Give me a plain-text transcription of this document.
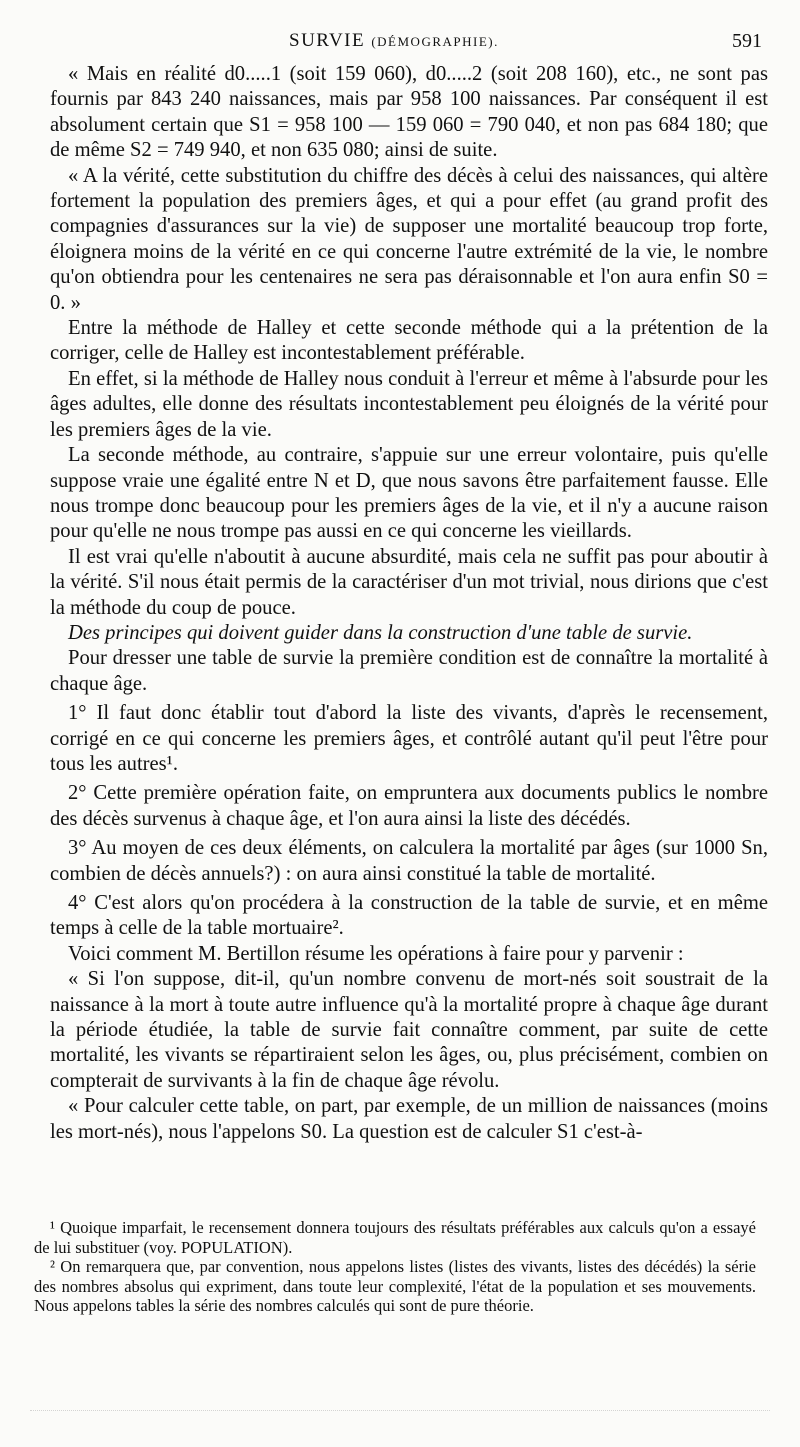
SURVIE (DÉMOGRAPHIE).	591

« Mais en réalité d0.....1 (soit 159 060), d0.....2 (soit 208 160), etc., ne sont pas fournis par 843 240 naissances, mais par 958 100 naissances. Par conséquent il est absolument certain que S1 = 958 100 — 159 060 = 790 040, et non pas 684 180; que de même S2 = 749 940, et non 635 080; ainsi de suite.

« A la vérité, cette substitution du chiffre des décès à celui des naissances, qui altère fortement la population des premiers âges, et qui a pour effet (au grand profit des compagnies d'assurances sur la vie) de supposer une mortalité beaucoup trop forte, éloignera moins de la vérité en ce qui concerne l'autre extrémité de la vie, le nombre qu'on obtiendra pour les centenaires ne sera pas déraisonnable et l'on aura enfin S0 = 0. »

Entre la méthode de Halley et cette seconde méthode qui a la prétention de la corriger, celle de Halley est incontestablement préférable.

En effet, si la méthode de Halley nous conduit à l'erreur et même à l'absurde pour les âges adultes, elle donne des résultats incontestablement peu éloignés de la vérité pour les premiers âges de la vie.

La seconde méthode, au contraire, s'appuie sur une erreur volontaire, puis qu'elle suppose vraie une égalité entre N et D, que nous savons être parfaitement fausse. Elle nous trompe donc beaucoup pour les premiers âges de la vie, et il n'y a aucune raison pour qu'elle ne nous trompe pas aussi en ce qui concerne les vieillards.

Il est vrai qu'elle n'aboutit à aucune absurdité, mais cela ne suffit pas pour aboutir à la vérité. S'il nous était permis de la caractériser d'un mot trivial, nous dirions que c'est la méthode du coup de pouce.

Des principes qui doivent guider dans la construction d'une table de survie.

Pour dresser une table de survie la première condition est de connaître la mortalité à chaque âge.

1° Il faut donc établir tout d'abord la liste des vivants, d'après le recensement, corrigé en ce qui concerne les premiers âges, et contrôlé autant qu'il peut l'être pour tous les autres¹.

2° Cette première opération faite, on empruntera aux documents publics le nombre des décès survenus à chaque âge, et l'on aura ainsi la liste des décédés.

3° Au moyen de ces deux éléments, on calculera la mortalité par âges (sur 1000 Sn, combien de décès annuels?) : on aura ainsi constitué la table de mortalité.

4° C'est alors qu'on procédera à la construction de la table de survie, et en même temps à celle de la table mortuaire².

Voici comment M. Bertillon résume les opérations à faire pour y parvenir :

« Si l'on suppose, dit-il, qu'un nombre convenu de mort-nés soit soustrait de la naissance à la mort à toute autre influence qu'à la mortalité propre à chaque âge durant la période étudiée, la table de survie fait connaître comment, par suite de cette mortalité, les vivants se répartiraient selon les âges, ou, plus précisément, combien on compterait de survivants à la fin de chaque âge révolu.

« Pour calculer cette table, on part, par exemple, de un million de naissances (moins les mort-nés), nous l'appelons S0. La question est de calculer S1 c'est-à-

¹ Quoique imparfait, le recensement donnera toujours des résultats préférables aux calculs qu'on a essayé de lui substituer (voy. POPULATION).

² On remarquera que, par convention, nous appelons listes (listes des vivants, listes des décédés) la série des nombres absolus qui expriment, dans toute leur complexité, l'état de la population et ses mouvements. Nous appelons tables la série des nombres calculés qui sont de pure théorie.
